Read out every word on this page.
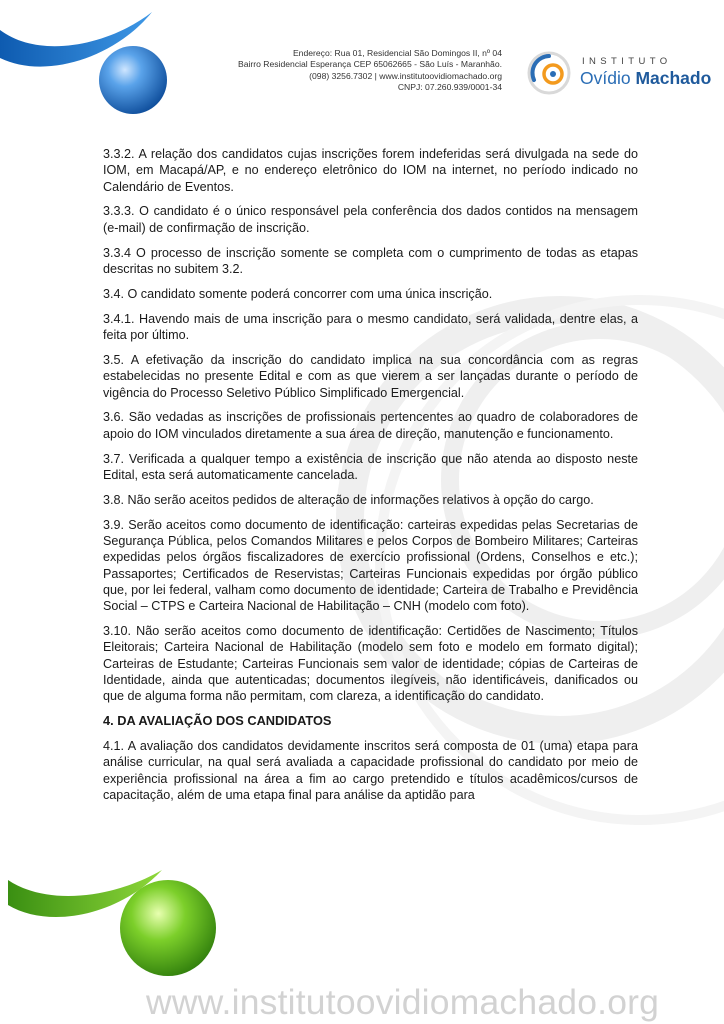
Endereço: Rua 01, Residencial São Domingos II, nº 04
Bairro Residencial Esperança CEP 65062665 - São Luís - Maranhão.
(098) 3256.7302 | www.institutoovidiomachado.org
CNPJ: 07.260.939/0001-34
INSTITUTO
Ovídio Machado

3.3.2. A relação dos candidatos cujas inscrições forem indeferidas será divulgada na sede do IOM, em Macapá/AP, e no endereço eletrônico do IOM na internet, no período indicado no Calendário de Eventos.

3.3.3. O candidato é o único responsável pela conferência dos dados contidos na mensagem (e-mail) de confirmação de inscrição.

3.3.4 O processo de inscrição somente se completa com o cumprimento de todas as etapas descritas no subitem 3.2.

3.4. O candidato somente poderá concorrer com uma única inscrição.

3.4.1. Havendo mais de uma inscrição para o mesmo candidato, será validada, dentre elas, a feita por último.

3.5. A efetivação da inscrição do candidato implica na sua concordância com as regras estabelecidas no presente Edital e com as que vierem a ser lançadas durante o período de vigência do Processo Seletivo Público Simplificado Emergencial.

3.6. São vedadas as inscrições de profissionais pertencentes ao quadro de colaboradores de apoio do IOM vinculados diretamente a sua área de direção, manutenção e funcionamento.

3.7. Verificada a qualquer tempo a existência de inscrição que não atenda ao disposto neste Edital, esta será automaticamente cancelada.

3.8. Não serão aceitos pedidos de alteração de informações relativos à opção do cargo.

3.9. Serão aceitos como documento de identificação: carteiras expedidas pelas Secretarias de Segurança Pública, pelos Comandos Militares e pelos Corpos de Bombeiro Militares; Carteiras expedidas pelos órgãos fiscalizadores de exercício profissional (Ordens, Conselhos e etc.); Passaportes; Certificados de Reservistas; Carteiras Funcionais expedidas por órgão público que, por lei federal, valham como documento de identidade; Carteira de Trabalho e Previdência Social – CTPS e Carteira Nacional de Habilitação – CNH (modelo com foto).

3.10. Não serão aceitos como documento de identificação: Certidões de Nascimento; Títulos Eleitorais; Carteira Nacional de Habilitação (modelo sem foto e modelo em formato digital); Carteiras de Estudante; Carteiras Funcionais sem valor de identidade; cópias de Carteiras de Identidade, ainda que autenticadas; documentos ilegíveis, não identificáveis, danificados ou que de alguma forma não permitam, com clareza, a identificação do candidato.

4. DA AVALIAÇÃO DOS CANDIDATOS

4.1. A avaliação dos candidatos devidamente inscritos será composta de 01 (uma) etapa para análise curricular, na qual será avaliada a capacidade profissional do candidato por meio de experiência profissional na área a fim ao cargo pretendido e títulos acadêmicos/cursos de capacitação, além de uma etapa final para análise da aptidão para

www.institutoovidiomachado.org
